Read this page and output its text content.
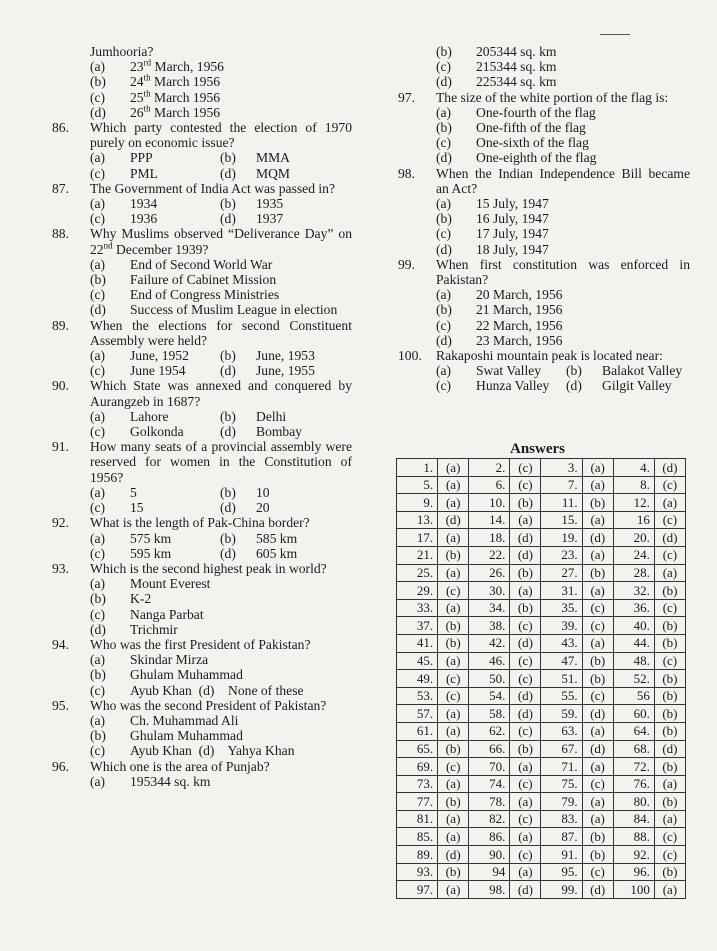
Jumhooria?
(a)	23rd March, 1956
(b)	24th March 1956
(c)	25th March 1956
(d)	26th March 1956
86.	Which party contested the election of 1970 purely on economic issue?
(a)	PPP	(b)	MMA
(c)	PML	(d)	MQM
87.	The Government of India Act was passed in?
(a)	1934	(b)	1935
(c)	1936	(d)	1937
88.	Why Muslims observed “Deliverance Day” on 22nd December 1939?
(a)	End of Second World War
(b)	Failure of Cabinet Mission
(c)	End of Congress Ministries
(d)	Success of Muslim League in election
89.	When the elections for second Constituent Assembly were held?
(a)	June, 1952	(b)	June, 1953
(c)	June 1954	(d)	June, 1955
90.	Which State was annexed and conquered by Aurangzeb in 1687?
(a)	Lahore	(b)	Delhi
(c)	Golkonda	(d)	Bombay
91.	How many seats of a provincial assembly were reserved for women in the Constitution of 1956?
(a)	5	(b)	10
(c)	15	(d)	20
92.	What is the length of Pak-China border?
(a)	575 km	(b)	585 km
(c)	595 km	(d)	605 km
93.	Which is the second highest peak in world?
(a)	Mount Everest
(b)	K-2
(c)	Nanga Parbat
(d)	Trichmir
94.	Who was the first President of Pakistan?
(a)	Skindar Mirza
(b)	Ghulam Muhammad
(c)	Ayub Khan  (d)    None of these
95.	Who was the second President of Pakistan?
(a)	Ch. Muhammad Ali
(b)	Ghulam Muhammad
(c)	Ayub Khan  (d)    Yahya Khan
96.	Which one is the area of Punjab?
(a)	195344 sq. km
(b)	205344 sq. km
(c)	215344 sq. km
(d)	225344 sq. km
97.	The size of the white portion of the flag is:
(a)	One-fourth of the flag
(b)	One-fifth of the flag
(c)	One-sixth of the flag
(d)	One-eighth of the flag
98.	When the Indian Independence Bill became an Act?
(a)	15 July, 1947
(b)	16 July, 1947
(c)	17 July, 1947
(d)	18 July, 1947
99.	When first constitution was enforced in Pakistan?
(a)	20 March, 1956
(b)	21 March, 1956
(c)	22 March, 1956
(d)	23 March, 1956
100.	Rakaposhi mountain peak is located near:
(a)	Swat Valley	(b)	Balakot Valley
(c)	Hunza Valley	(d)	Gilgit Valley
Answers
1.	(a)	2.	(c)	3.	(a)	4.	(d)
5.	(a)	6.	(c)	7.	(a)	8.	(c)
9.	(a)	10.	(b)	11.	(b)	12.	(a)
13.	(d)	14.	(a)	15.	(a)	16	(c)
17.	(a)	18.	(d)	19.	(d)	20.	(d)
21.	(b)	22.	(d)	23.	(a)	24.	(c)
25.	(a)	26.	(b)	27.	(b)	28.	(a)
29.	(c)	30.	(a)	31.	(a)	32.	(b)
33.	(a)	34.	(b)	35.	(c)	36.	(c)
37.	(b)	38.	(c)	39.	(c)	40.	(b)
41.	(b)	42.	(d)	43.	(a)	44.	(b)
45.	(a)	46.	(c)	47.	(b)	48.	(c)
49.	(c)	50.	(c)	51.	(b)	52.	(b)
53.	(c)	54.	(d)	55.	(c)	56	(b)
57.	(a)	58.	(d)	59.	(d)	60.	(b)
61.	(a)	62.	(c)	63.	(a)	64.	(b)
65.	(b)	66.	(b)	67.	(d)	68.	(d)
69.	(c)	70.	(a)	71.	(a)	72.	(b)
73.	(a)	74.	(c)	75.	(c)	76.	(a)
77.	(b)	78.	(a)	79.	(a)	80.	(b)
81.	(a)	82.	(c)	83.	(a)	84.	(a)
85.	(a)	86.	(a)	87.	(b)	88.	(c)
89.	(d)	90.	(c)	91.	(b)	92.	(c)
93.	(b)	94	(a)	95.	(c)	96.	(b)
97.	(a)	98.	(d)	99.	(d)	100	(a)
